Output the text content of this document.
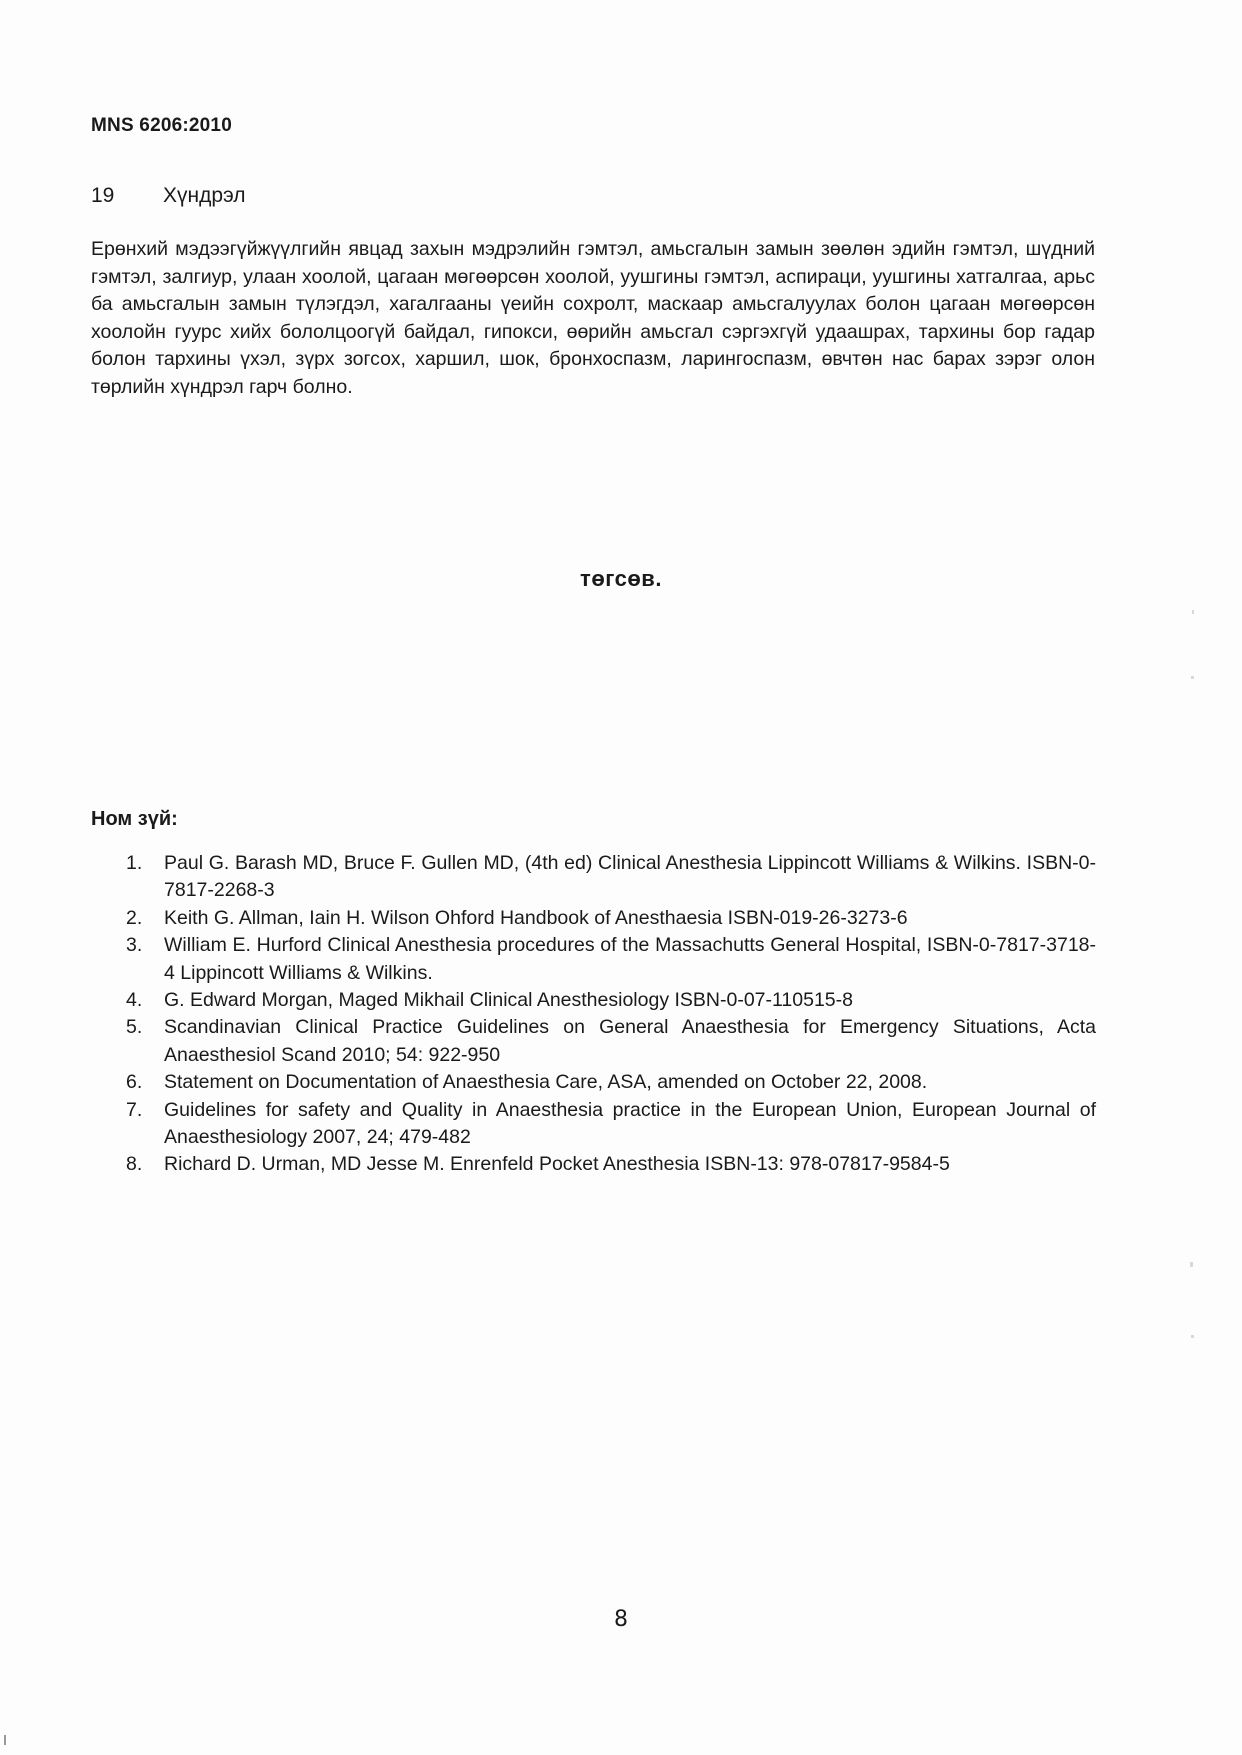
MNS 6206:2010
19 Хүндрэл
Ерөнхий мэдээгүйжүүлгийн явцад захын мэдрэлийн гэмтэл, амьсгалын замын зөөлөн эдийн гэмтэл, шүдний гэмтэл, залгиур, улаан хоолой, цагаан мөгөөрсөн хоолой, уушгины гэмтэл, аспираци, уушгины хатгалгаа, арьс ба амьсгалын замын түлэгдэл, хагалгааны үеийн сохролт, маскаар амьсгалуулах болон цагаан мөгөөрсөн хоолойн гуурс хийх бололцоогүй байдал, гипокси, өөрийн амьсгал сэргэхгүй удаашрах, тархины бор гадар болон тархины үхэл, зүрх зогсох, харшил, шок, бронхоспазм, ларингоспазм, өвчтөн нас барах зэрэг олон төрлийн хүндрэл гарч болно.
төгсөв.
Ном зүй:
1. Paul G. Barash MD, Bruce F. Gullen MD, (4th ed) Clinical Anesthesia Lippincott Williams & Wilkins. ISBN-0-7817-2268-3
2. Keith G. Allman, Iain H. Wilson Ohford Handbook of Anesthaesia ISBN-019-26-3273-6
3. William E. Hurford Clinical Anesthesia procedures of the Massachutts General Hospital, ISBN-0-7817-3718-4 Lippincott Williams & Wilkins.
4. G. Edward Morgan, Maged Mikhail Clinical Anesthesiology ISBN-0-07-110515-8
5. Scandinavian Clinical Practice Guidelines on General Anaesthesia for Emergency Situations, Acta Anaesthesiol Scand 2010; 54: 922-950
6. Statement on Documentation of Anaesthesia Care, ASA, amended on October 22, 2008.
7. Guidelines for safety and Quality in Anaesthesia practice in the European Union, European Journal of Anaesthesiology 2007, 24; 479-482
8. Richard D. Urman, MD Jesse M. Enrenfeld Pocket Anesthesia ISBN-13: 978-07817-9584-5
8
